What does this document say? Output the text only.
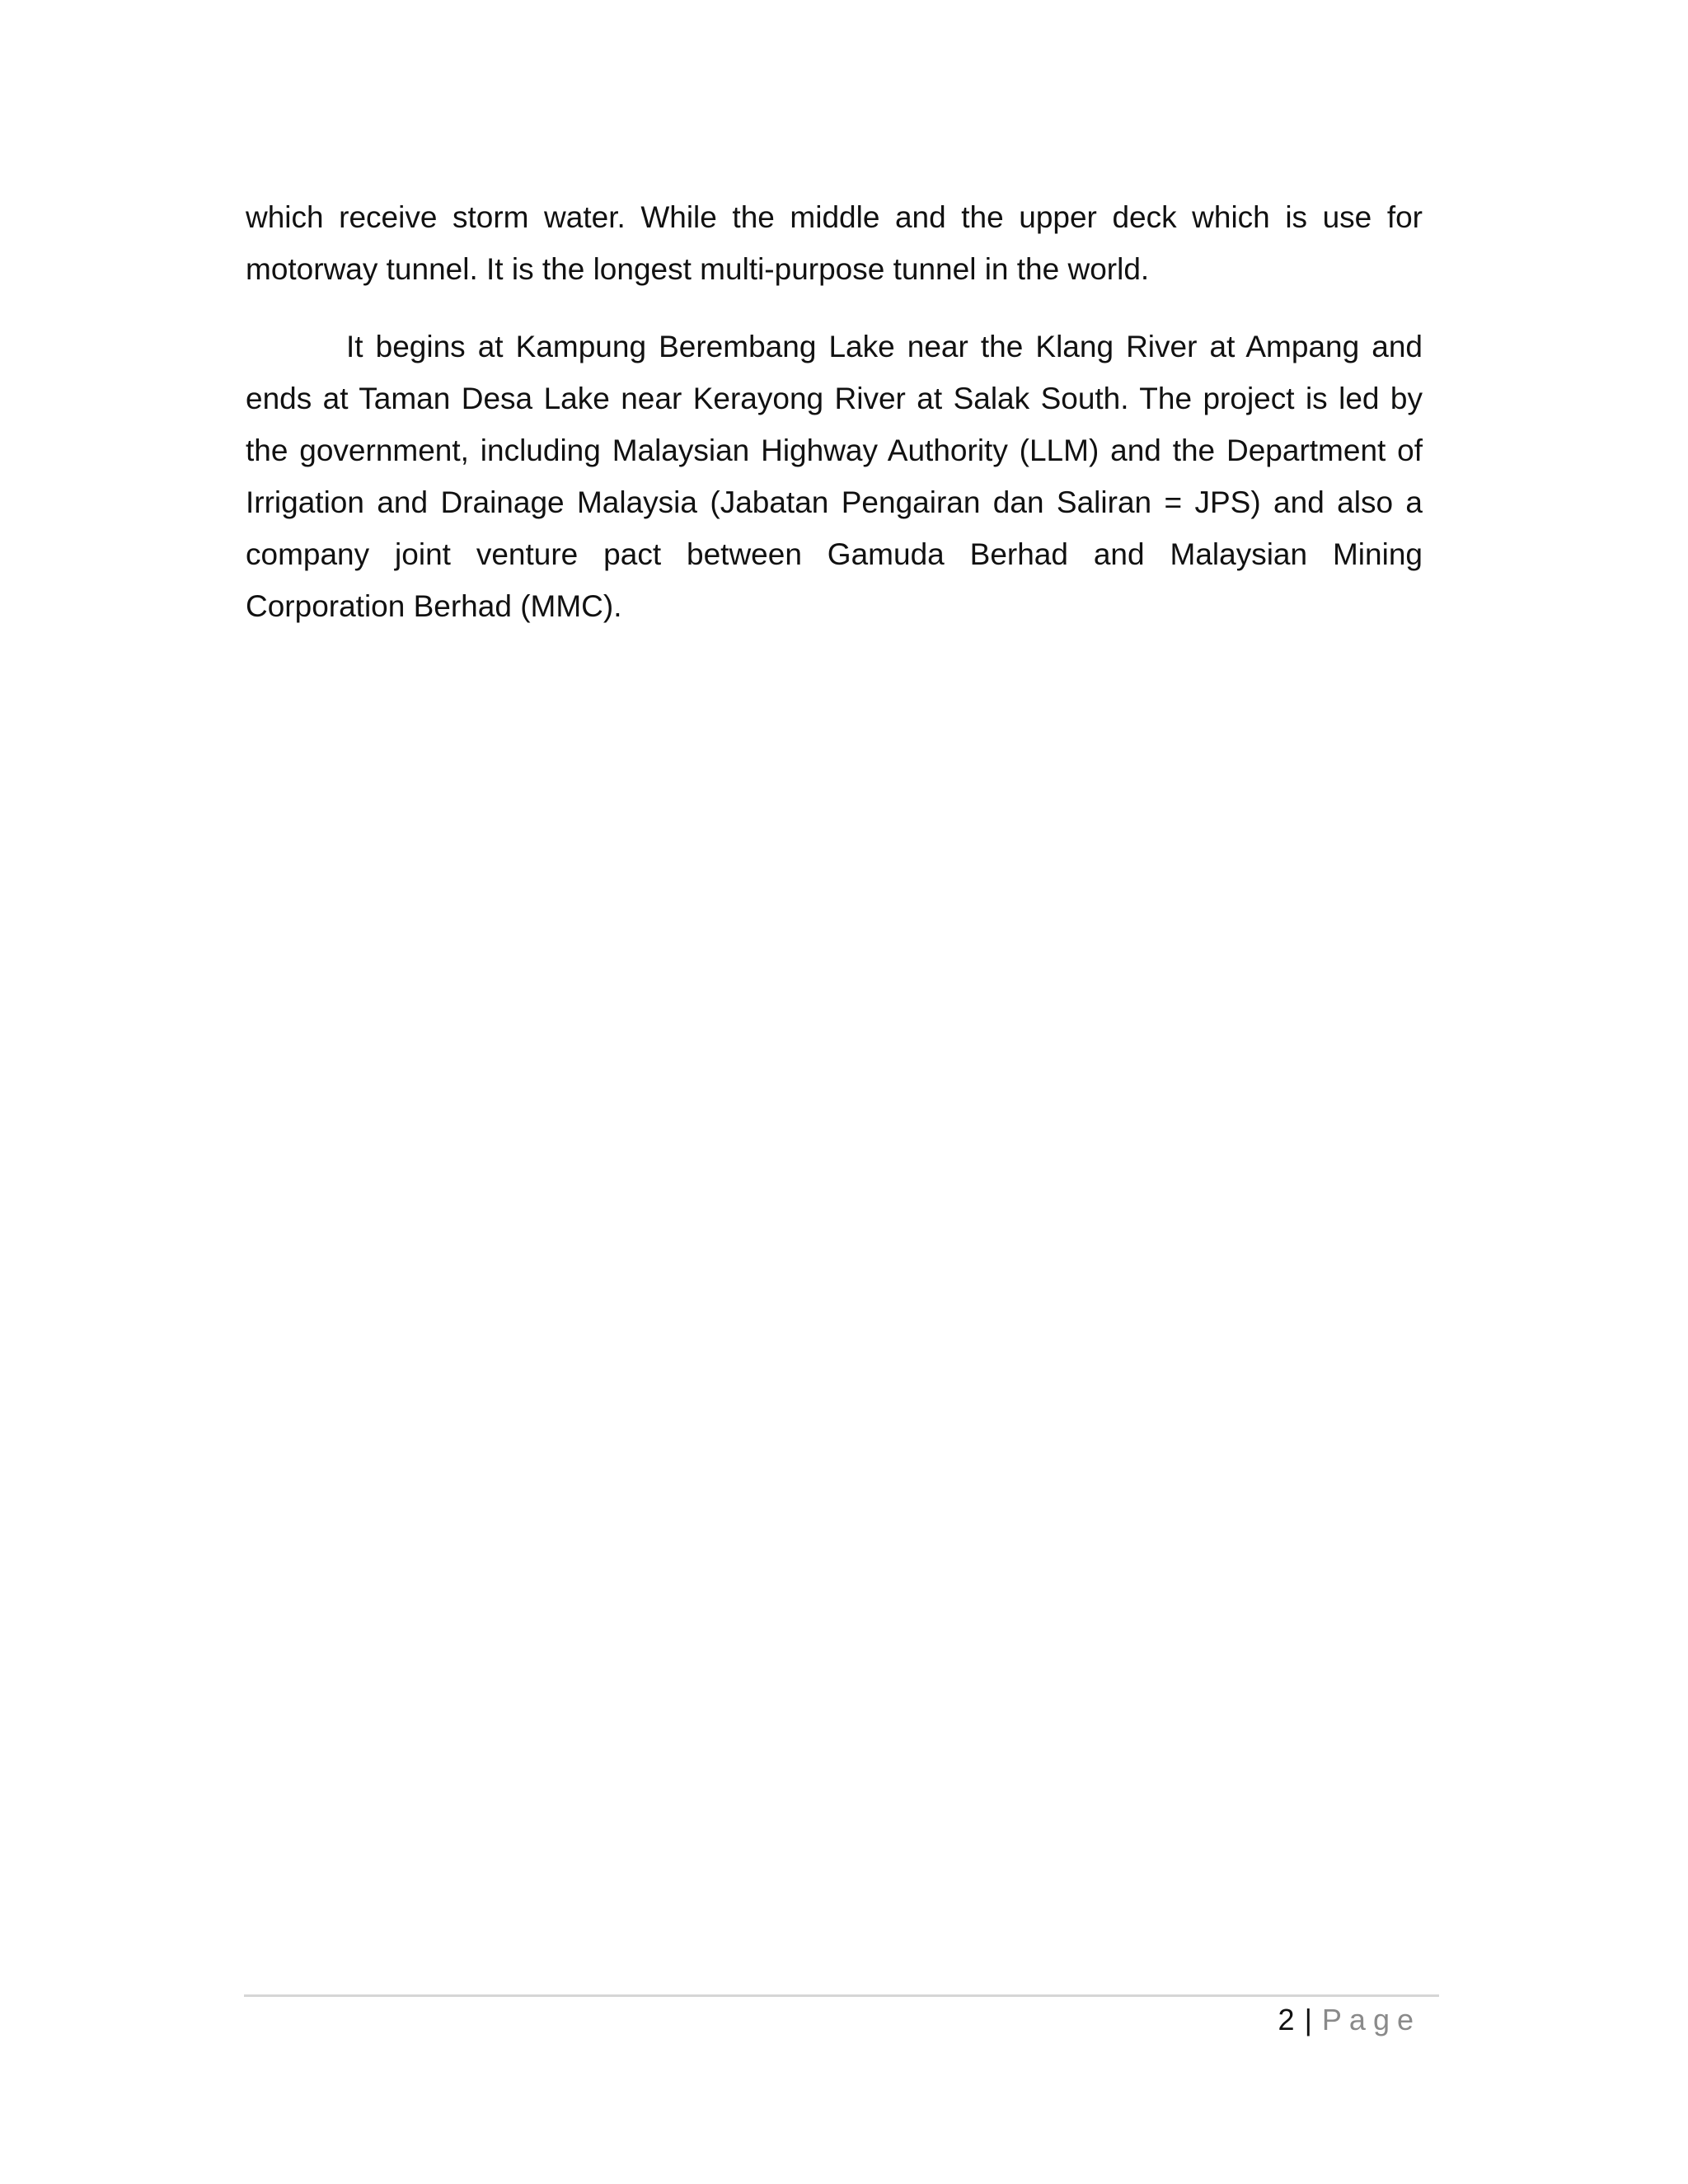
which receive storm water. While the middle and the upper deck which is use for motorway tunnel. It is the longest multi-purpose tunnel in the world.

It begins at Kampung Berembang Lake near the Klang River at Ampang and ends at Taman Desa Lake near Kerayong River at Salak South. The project is led by the government, including Malaysian Highway Authority (LLM) and the Department of Irrigation and Drainage Malaysia (Jabatan Pengairan dan Saliran = JPS) and also a company joint venture pact between Gamuda Berhad and Malaysian Mining Corporation Berhad (MMC).

2 | Page
